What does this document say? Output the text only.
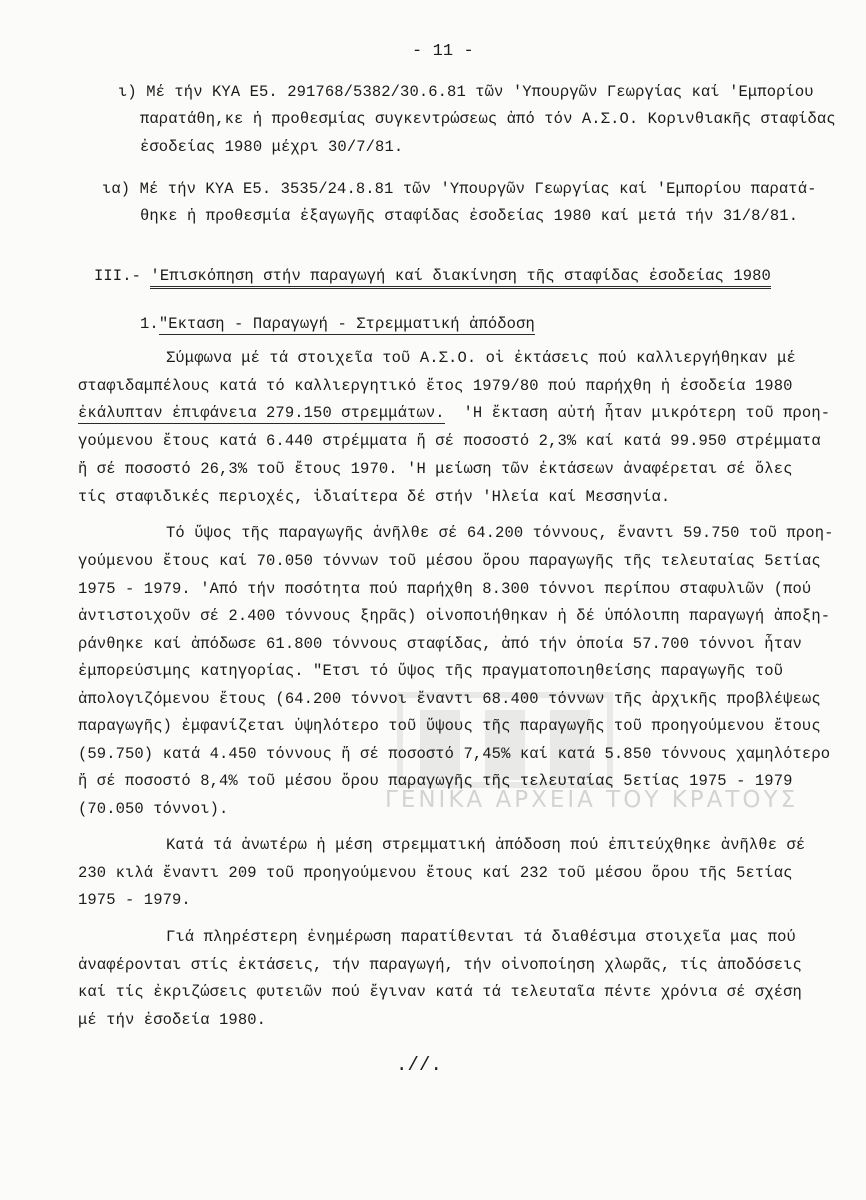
ΓΕΝΙΚΑ ΑΡΧΕΙΑ ΤΟΥ ΚΡΑΤΟΥΣ
- 11 -
ι) Μέ τήν ΚΥΑ Ε5. 291768/5382/30.6.81 τῶν 'Υπουργῶν Γεωργίας καί 'Εμπορίου
παρατάθη,κε ἡ προθεσμίας συγκεντρώσεως ἀπό τόν Α.Σ.Ο. Κορινθιακῆς σταφίδας
ἐσοδείας 1980 μέχρι 30/7/81.
ια) Μέ τήν ΚΥΑ Ε5. 3535/24.8.81 τῶν 'Υπουργῶν Γεωργίας καί 'Εμπορίου παρατά-
θηκε ἡ προθεσμία ἐξαγωγῆς σταφίδας ἐσοδείας 1980 καί μετά τήν 31/8/81.
III.- 'Επισκόπηση στήν παραγωγή καί διακίνηση τῆς σταφίδας ἐσοδείας 1980
1."Εκταση - Παραγωγή - Στρεμματική ἀπόδοση
Σύμφωνα μέ τά στοιχεῖα τοῦ Α.Σ.Ο. οἱ ἐκτάσεις πού καλλιεργήθηκαν μέ
σταφιδαμπέλους κατά τό καλλιεργητικό ἔτος 1979/80 πού παρήχθη ἡ ἐσοδεία 1980
ἐκάλυπταν ἐπιφάνεια 279.150 στρεμμάτων.  'Η ἔκταση αὐτή ἦταν μικρότερη τοῦ προη-
γούμενου ἔτους κατά 6.440 στρέμματα ἤ σέ ποσοστό 2,3% καί κατά 99.950 στρέμματα
ἤ σέ ποσοστό 26,3% τοῦ ἔτους 1970. 'Η μείωση τῶν ἐκτάσεων ἀναφέρεται σέ ὅλες
τίς σταφιδικές περιοχές, ἰδιαίτερα δέ στήν 'Ηλεία καί Μεσσηνία.
Τό ὕψος τῆς παραγωγῆς ἀνῆλθε σέ 64.200 τόννους, ἔναντι 59.750 τοῦ προη-
γούμενου ἔτους καί 70.050 τόννων τοῦ μέσου ὅρου παραγωγῆς τῆς τελευταίας 5ετίας
1975 - 1979. 'Από τήν ποσότητα πού παρήχθη 8.300 τόννοι περίπου σταφυλιῶν (πού
ἀντιστοιχοῦν σέ 2.400 τόννους ξηρᾶς) οἰνοποιήθηκαν ἡ δέ ὑπόλοιπη παραγωγή ἀποξη-
ράνθηκε καί ἀπόδωσε 61.800 τόννους σταφίδας, ἀπό τήν ὁποία 57.700 τόννοι ἦταν
ἐμπορεύσιμης κατηγορίας. "Ετσι τό ὕψος τῆς πραγματοποιηθείσης παραγωγῆς τοῦ
ἀπολογιζόμενου ἔτους (64.200 τόννοι ἔναντι 68.400 τόννων τῆς ἀρχικῆς προβλέψεως
παραγωγῆς) ἐμφανίζεται ὑψηλότερο τοῦ ὕψους τῆς παραγωγῆς τοῦ προηγούμενου ἔτους
(59.750) κατά 4.450 τόννους ἤ σέ ποσοστό 7,45% καί κατά 5.850 τόννους χαμηλότερο
ἤ σέ ποσοστό 8,4% τοῦ μέσου ὅρου παραγωγῆς τῆς τελευταίας 5ετίας 1975 - 1979
(70.050 τόννοι).
Κατά τά ἀνωτέρω ἡ μέση στρεμματική ἀπόδοση πού ἐπιτεύχθηκε ἀνῆλθε σέ
230 κιλά ἔναντι 209 τοῦ προηγούμενου ἔτους καί 232 τοῦ μέσου ὅρου τῆς 5ετίας
1975 - 1979.
Γιά πληρέστερη ἐνημέρωση παρατίθενται τά διαθέσιμα στοιχεῖα μας πού
ἀναφέρονται στίς ἐκτάσεις, τήν παραγωγή, τήν οἰνοποίηση χλωρᾶς, τίς ἀποδόσεις
καί τίς ἐκριζώσεις φυτειῶν πού ἔγιναν κατά τά τελευταῖα πέντε χρόνια σέ σχέση
μέ τήν ἐσοδεία 1980.
.//.
